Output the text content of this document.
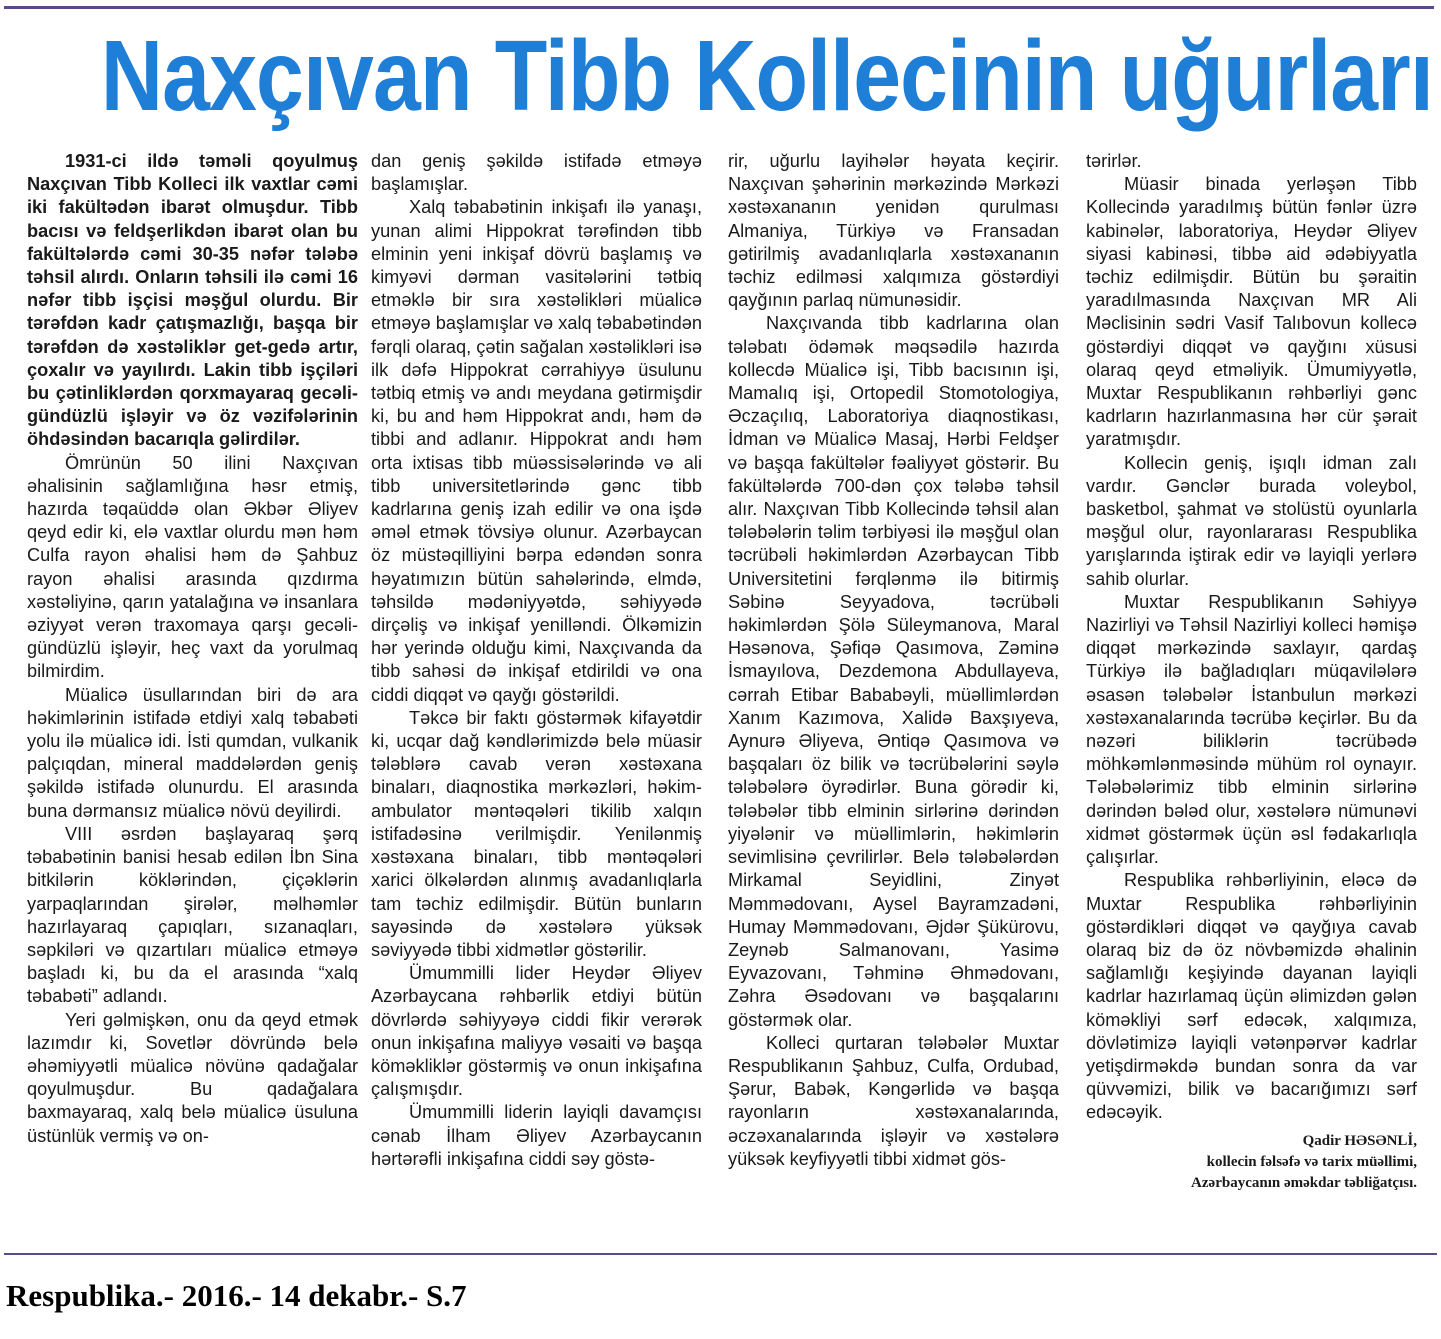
Naxçıvan Tibb Kollecinin uğurları

1931-ci ildə təməli qoyulmuş Naxçıvan Tibb Kolleci ilk vaxtlar cəmi iki fakültədən ibarət olmuşdur. Tibb bacısı və feldşerlikdən ibarət olan bu fakültələrdə cəmi 30-35 nəfər tələbə təhsil alırdı. Onların təhsili ilə cəmi 16 nəfər tibb işçisi məşğul olurdu. Bir tərəfdən kadr çatışmazlığı, başqa bir tərəfdən də xəstəliklər get-gedə artır, çoxalır və yayılırdı. Lakin tibb işçiləri bu çətinliklərdən qorxmayaraq gecəli-gündüzlü işləyir və öz vəzifələrinin öhdəsindən bacarıqla gəlirdilər.

Ömrünün 50 ilini Naxçıvan əhalisinin sağlamlığına həsr etmiş, hazırda təqaüddə olan Əkbər Əliyev qeyd edir ki, elə vaxtlar olurdu mən həm Culfa rayon əhalisi həm də Şahbuz rayon əhalisi arasında qızdırma xəstəliyinə, qarın yatalağına və insanlara əziyyət verən traxomaya qarşı gecəli-gündüzlü işləyir, heç vaxt da yorulmaq bilmirdim.

Müalicə üsullarından biri də ara həkimlərinin istifadə etdiyi xalq təbabəti yolu ilə müalicə idi. İsti qumdan, vulkanik palçıqdan, mineral maddələrdən geniş şəkildə istifadə olunurdu. El arasında buna dərmansız müalicə növü deyilirdi.

VIII əsrdən başlayaraq şərq təbabətinin banisi hesab edilən İbn Sina bitkilərin köklərindən, çiçəklərin yarpaqlarından şirələr, məlhəmlər hazırlayaraq çapıqları, sızanaqları, səpkiləri və qızartıları müalicə etməyə başladı ki, bu da el arasında “xalq təbabəti” adlandı.

Yeri gəlmişkən, onu da qeyd etmək lazımdır ki, Sovetlər dövründə belə əhəmiyyətli müalicə növünə qadağalar qoyulmuşdur. Bu qadağalara baxmayaraq, xalq belə müalicə üsuluna üstünlük vermiş və on-

dan geniş şəkildə istifadə etməyə başlamışlar.

Xalq təbabətinin inkişafı ilə yanaşı, yunan alimi Hippokrat tərəfindən tibb elminin yeni inkişaf dövrü başlamış və kimyəvi dərman vasitələrini tətbiq etməklə bir sıra xəstəlikləri müalicə etməyə başlamışlar və xalq təbabətindən fərqli olaraq, çətin sağalan xəstəlikləri isə ilk dəfə Hippokrat cərrahiyyə üsulunu tətbiq etmiş və andı meydana gətirmişdir ki, bu and həm Hippokrat andı, həm də tibbi and adlanır. Hippokrat andı həm orta ixtisas tibb müəssisələrində və ali tibb universitetlərində gənc tibb kadrlarına geniş izah edilir və ona işdə əməl etmək tövsiyə olunur. Azərbaycan öz müstəqilliyini bərpa edəndən sonra həyatımızın bütün sahələrində, elmdə, təhsildə mədəniyyətdə, səhiyyədə dirçəliş və inkişaf yenilləndi. Ölkəmizin hər yerində olduğu kimi, Naxçıvanda da tibb sahəsi də inkişaf etdirildi və ona ciddi diqqət və qayğı göstərildi.

Təkcə bir faktı göstərmək kifayətdir ki, ucqar dağ kəndlərimizdə belə müasir tələblərə cavab verən xəstəxana binaları, diaqnostika mərkəzləri, həkim-ambulator məntəqələri tikilib xalqın istifadəsinə verilmişdir. Yenilənmiş xəstəxana binaları, tibb məntəqələri xarici ölkələrdən alınmış avadanlıqlarla tam təchiz edilmişdir. Bütün bunların sayəsində də xəstələrə yüksək səviyyədə tibbi xidmətlər göstərilir.

Ümummilli lider Heydər Əliyev Azərbaycana rəhbərlik etdiyi bütün dövrlərdə səhiyyəyə ciddi fikir verərək onun inkişafına maliyyə vəsaiti və başqa köməkliklər göstərmiş və onun inkişafına çalışmışdır.

Ümummilli liderin layiqli davamçısı cənab İlham Əliyev Azərbaycanın hərtərəfli inkişafına ciddi səy göstə-

rir, uğurlu layihələr həyata keçirir. Naxçıvan şəhərinin mərkəzində Mərkəzi xəstəxananın yenidən qurulması Almaniya, Türkiyə və Fransadan gətirilmiş avadanlıqlarla xəstəxananın təchiz edilməsi xalqımıza göstərdiyi qayğının parlaq nümunəsidir.

Naxçıvanda tibb kadrlarına olan tələbatı ödəmək məqsədilə hazırda kollecdə Müalicə işi, Tibb bacısının işi, Mamalıq işi, Ortopedil Stomotologiya, Əczaçılıq, Laboratoriya diaqnostikası, İdman və Müalicə Masaj, Hərbi Feldşer və başqa fakültələr fəaliyyət göstərir. Bu fakültələrdə 700-dən çox tələbə təhsil alır. Naxçıvan Tibb Kollecində təhsil alan tələbələrin təlim tərbiyəsi ilə məşğul olan təcrübəli həkimlərdən Azərbaycan Tibb Universitetini fərqlənmə ilə bitirmiş Səbinə Seyyadova, təcrübəli həkimlərdən Şölə Süleymanova, Maral Həsənova, Şəfiqə Qasımova, Zəminə İsmayılova, Dezdemona Abdullayeva, cərrah Etibar Bababəyli, müəllimlərdən Xanım Kazımova, Xalidə Baxşıyeva, Aynurə Əliyeva, Əntiqə Qasımova və başqaları öz bilik və təcrübələrini səylə tələbələrə öyrədirlər. Buna görədir ki, tələbələr tibb elminin sirlərinə dərindən yiyələnir və müəllimlərin, həkimlərin sevimlisinə çevrilirlər. Belə tələbələrdən Mirkamal Seyidlini, Zinyət Məmmədovanı, Aysel Bayramzadəni, Humay Məmmədovanı, Əjdər Şükürovu, Zeynəb Salmanovanı, Yasimə Eyvazovanı, Təhminə Əhmədovanı, Zəhra Əsədovanı və başqalarını göstərmək olar.

Kolleci qurtaran tələbələr Muxtar Respublikanın Şahbuz, Culfa, Ordubad, Şərur, Babək, Kəngərlidə və başqa rayonların xəstəxanalarında, əczəxanalarında işləyir və xəstələrə yüksək keyfiyyətli tibbi xidmət gös-

tərirlər.

Müasir binada yerləşən Tibb Kollecində yaradılmış bütün fənlər üzrə kabinələr, laboratoriya, Heydər Əliyev siyasi kabinəsi, tibbə aid ədəbiyyatla təchiz edilmişdir. Bütün bu şəraitin yaradılmasında Naxçıvan MR Ali Məclisinin sədri Vasif Talıbovun kollecə göstərdiyi diqqət və qayğını xüsusi olaraq qeyd etməliyik. Ümumiyyətlə, Muxtar Respublikanın rəhbərliyi gənc kadrların hazırlanmasına hər cür şərait yaratmışdır.

Kollecin geniş, işıqlı idman zalı vardır. Gənclər burada voleybol, basketbol, şahmat və stolüstü oyunlarla məşğul olur, rayonlararası Respublika yarışlarında iştirak edir və layiqli yerlərə sahib olurlar.

Muxtar Respublikanın Səhiyyə Nazirliyi və Təhsil Nazirliyi kolleci həmişə diqqət mərkəzində saxlayır, qardaş Türkiyə ilə bağladıqları müqavilələrə əsasən tələbələr İstanbulun mərkəzi xəstəxanalarında təcrübə keçirlər. Bu da nəzəri biliklərin təcrübədə möhkəmlənməsində mühüm rol oynayır. Tələbələrimiz tibb elminin sirlərinə dərindən bələd olur, xəstələrə nümunəvi xidmət göstərmək üçün əsl fədakarlıqla çalışırlar.

Respublika rəhbərliyinin, eləcə də Muxtar Respublika rəhbərliyinin göstərdikləri diqqət və qayğıya cavab olaraq biz də öz növbəmizdə əhalinin sağlamlığı keşiyində dayanan layiqli kadrlar hazırlamaq üçün əlimizdən gələn köməkliyi sərf edəcək, xalqımıza, dövlətimizə layiqli vətənpərvər kadrlar yetişdirməkdə bundan sonra da var qüvvəmizi, bilik və bacarığımızı sərf edəcəyik.

Qadir HƏSƏNLİ,
kollecin fəlsəfə və tarix müəllimi,
Azərbaycanın əməkdar təbliğatçısı.
Respublika.- 2016.- 14 dekabr.- S.7
